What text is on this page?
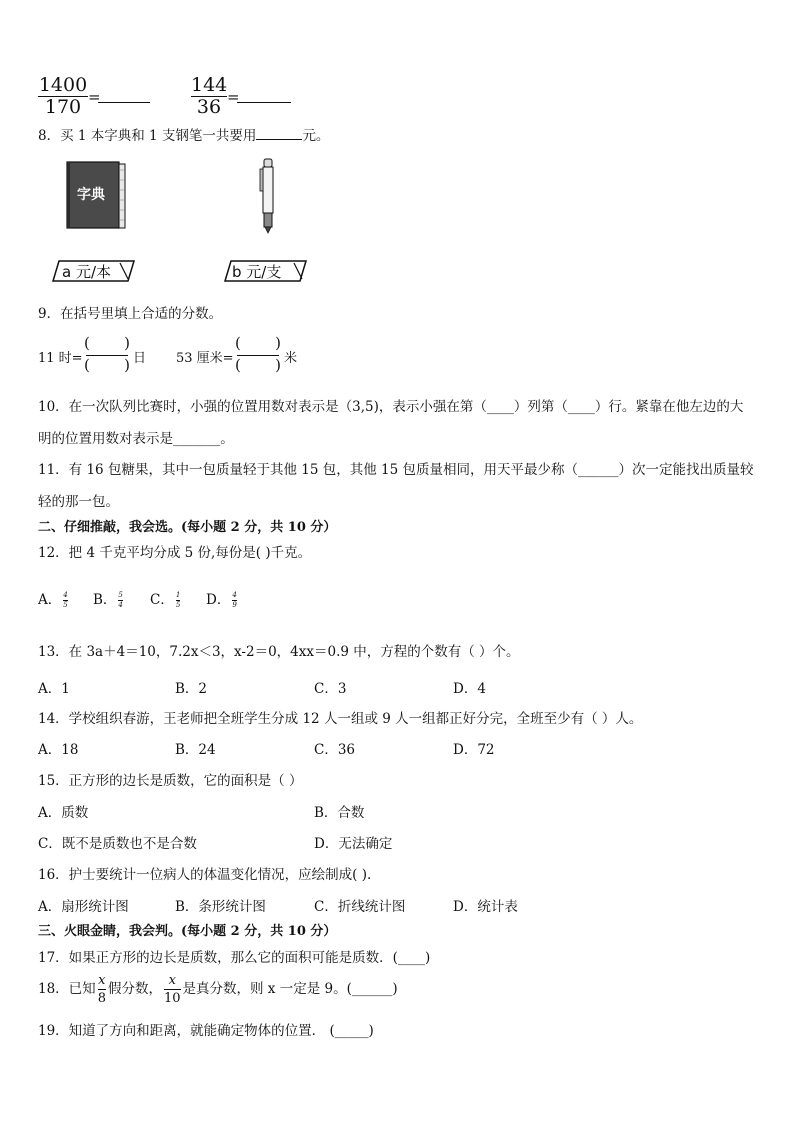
1400
170 =
144
36 =
8．买 1 本字典和 1 支钢笔一共要用	元。
字典
a 元/本	b 元/支
9．在括号里填上合适的分数。
11 时=
( )
( ) 日 53 厘米=
( )
( ) 米
10．在一次队列比赛时，小强的位置用数对表示是（3,5)，表示小强在第（____）列第（____）行。紧靠在他左边的大
明的位置用数对表示是_______。
11．有 16 包糖果，其中一包质量轻于其他 15 包，其他 15 包质量相同，用天平最少称（______）次一定能找出质量较
轻的那一包。
二、仔细推敲，我会选。(每小题 2 分，共 10 分）
12．把 4 千克平均分成 5 份,每份是( )千克。
A． $\frac{4}{5}$ B． $\frac{5}{4}$ C． $\frac{1}{5}$ D． $\frac{4}{9}$
13．在 3a＋4＝10，7.2x＜3，x-2＝0，4xx＝0.9 中，方程的个数有（ ）个。
A．1	B．2	C．3	D．4
14．学校组织春游，王老师把全班学生分成 12 人一组或 9 人一组都正好分完，全班至少有（ ）人。
A．18	B．24	C．36	D．72
15．正方形的边长是质数，它的面积是（ ）
A．质数	B．合数
C．既不是质数也不是合数	D．无法确定
16．护士要统计一位病人的体温变化情况，应绘制成( ).
A．扇形统计图	B．条形统计图	C．折线统计图	D．统计表
三、火眼金睛，我会判。(每小题 2 分，共 10 分）
17．如果正方形的边长是质数，那么它的面积可能是质数．(____)
18．已知 $\frac{x}{8}$ 假分数， $\frac{x}{10}$ 是真分数，则 x 一定是 9。(______)
19．知道了方向和距离，就能确定物体的位置． (_____)
